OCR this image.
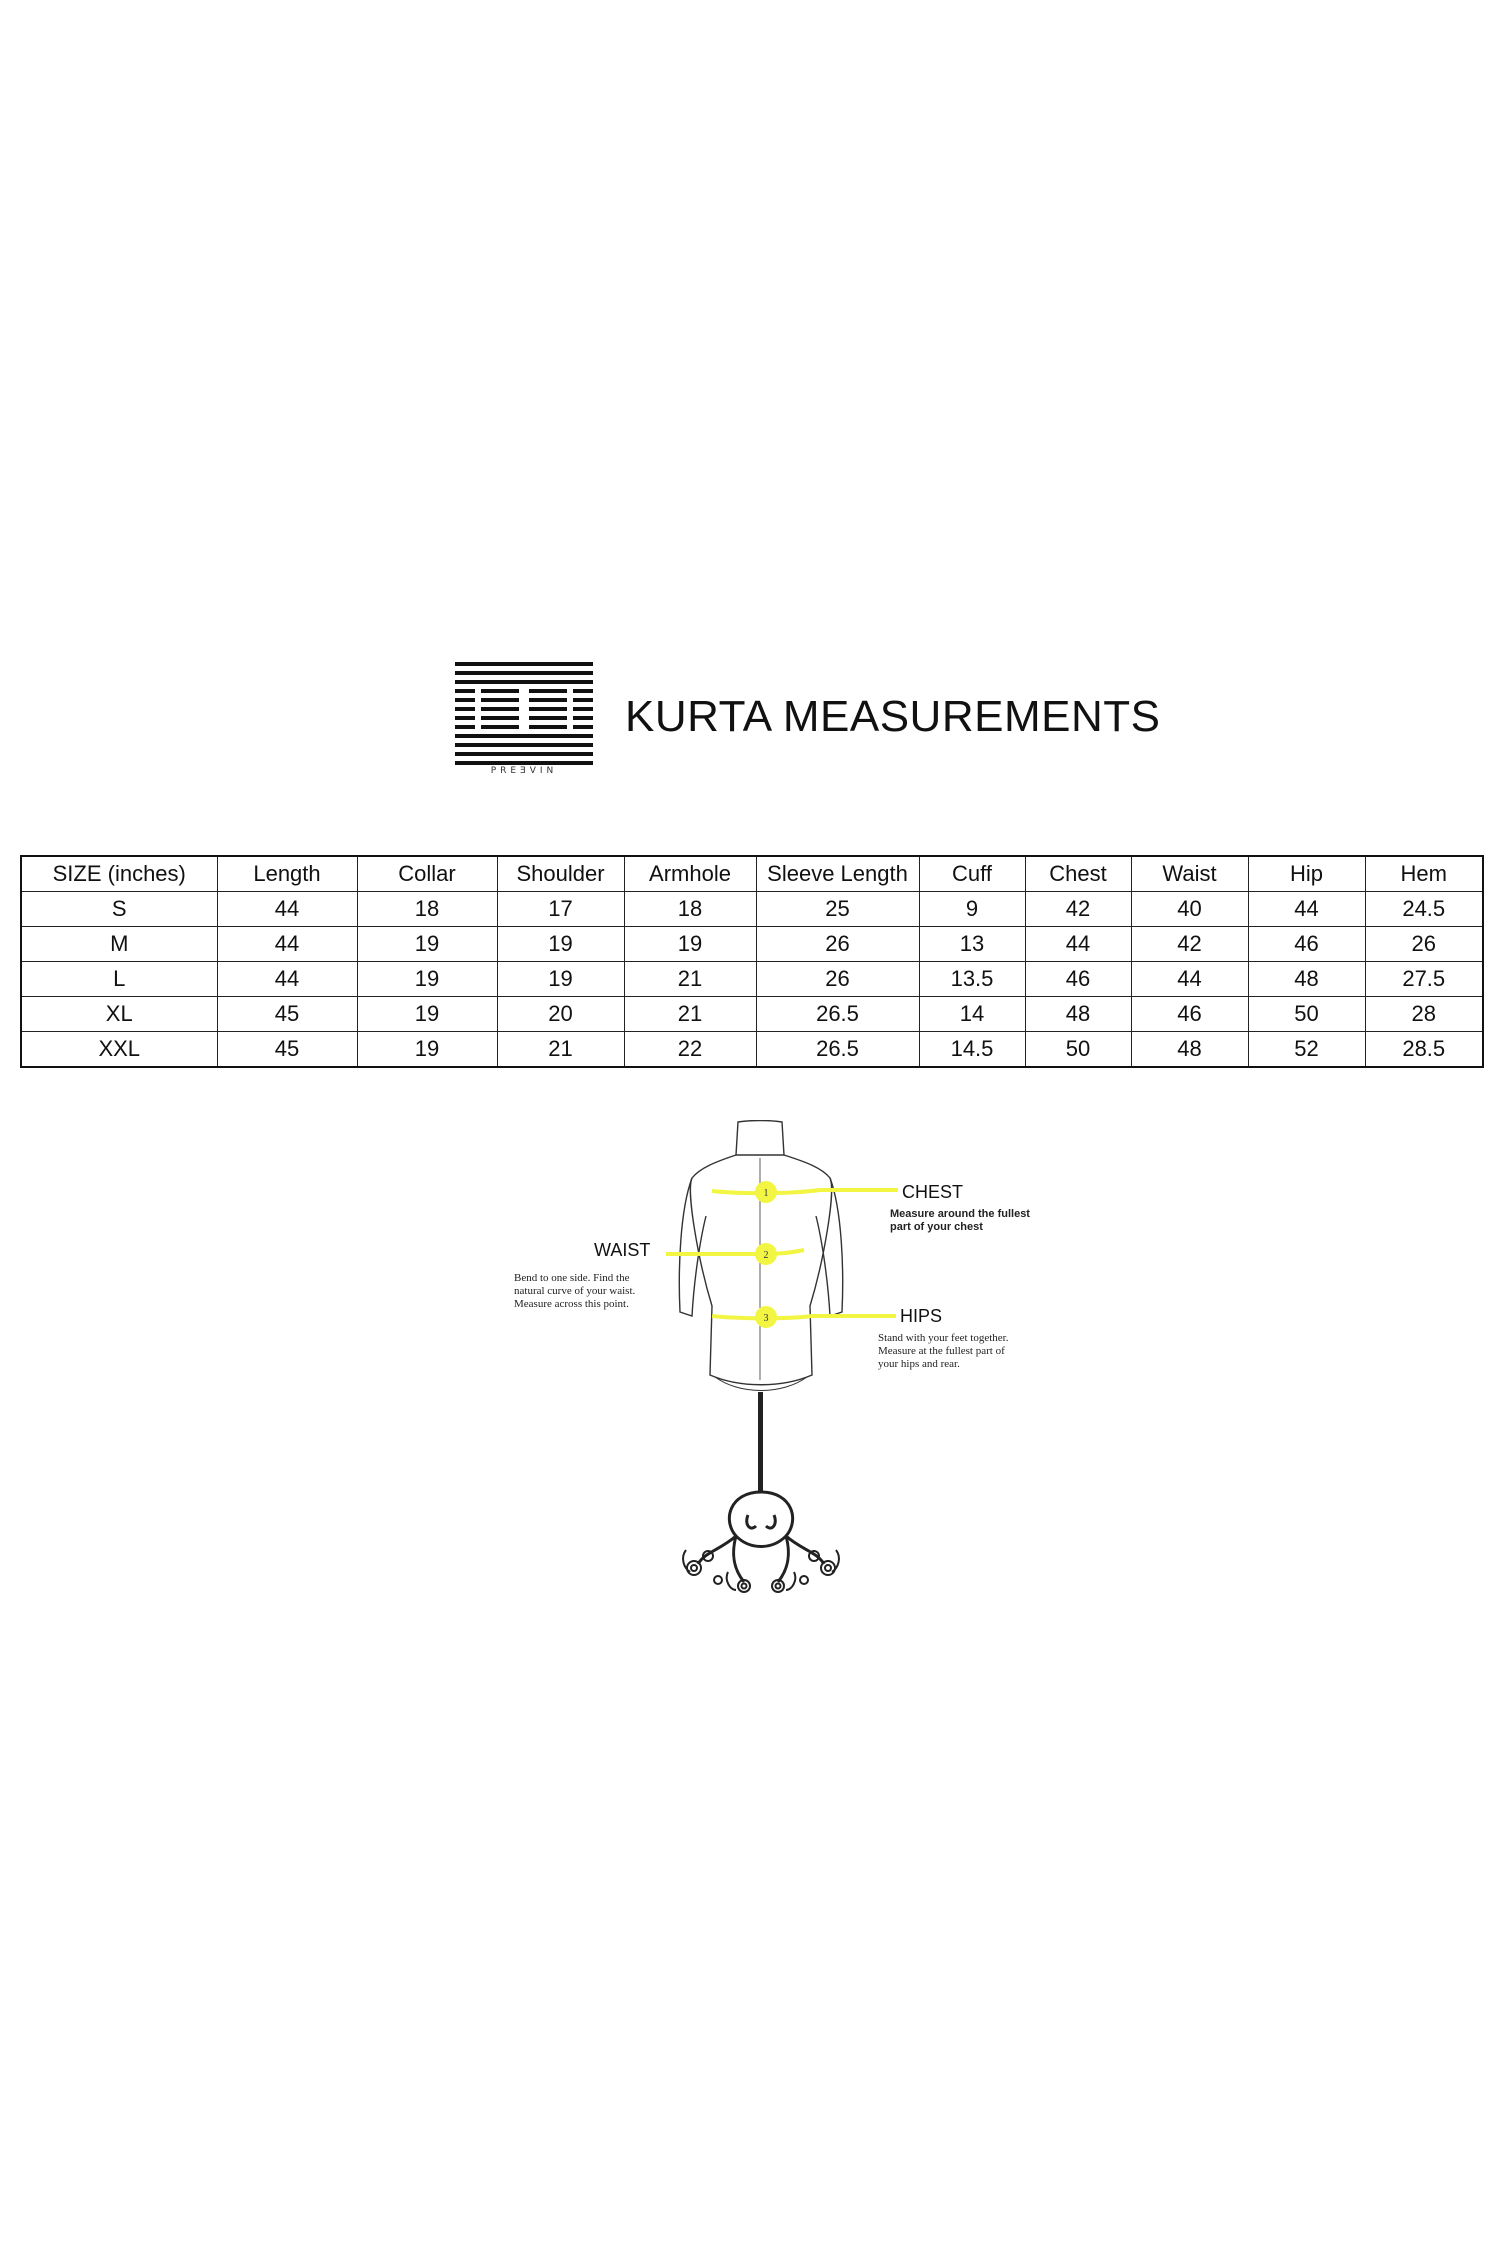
PREƎVIN
KURTA MEASUREMENTS
SIZE (inches)	Length	Collar	Shoulder	Armhole	Sleeve Length	Cuff	Chest	Waist	Hip	Hem
S	44	18	17	18	25	9	42	40	44	24.5
M	44	19	19	19	26	13	44	42	46	26
L	44	19	19	21	26	13.5	46	44	48	27.5
XL	45	19	20	21	26.5	14	48	46	50	28
XXL	45	19	21	22	26.5	14.5	50	48	52	28.5
1
2
3
CHEST
Measure around the fullest
part of your chest
WAIST
Bend to one side. Find the
natural curve of your waist.
Measure across this point.
HIPS
Stand with your feet together.
Measure at the fullest part of
your hips and rear.
